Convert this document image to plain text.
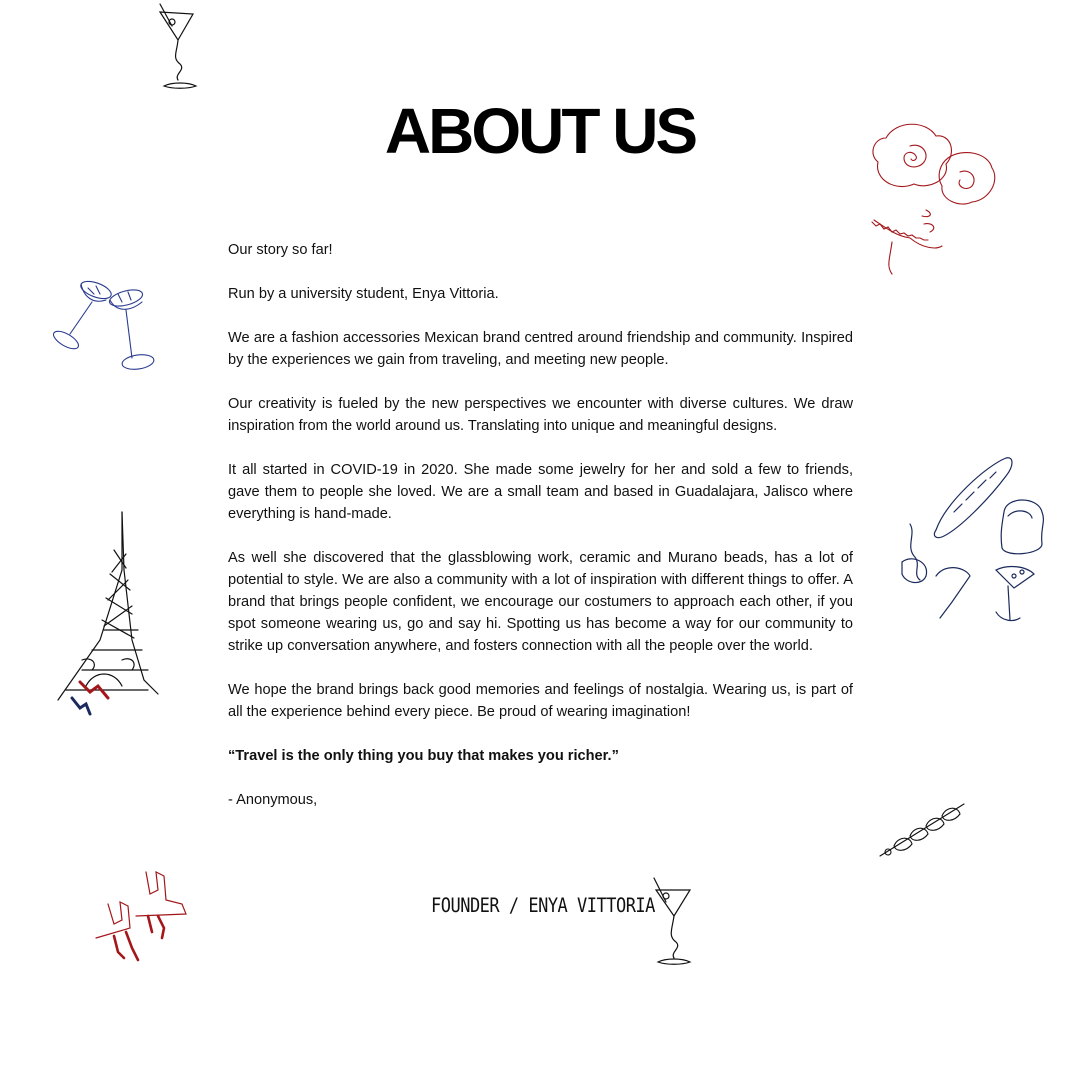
ABOUT US

Our story so far!

Run by a university student, Enya Vittoria.

We are a fashion accessories Mexican brand centred around friendship and community. Inspired by the experiences we gain from traveling, and meeting new people.

Our creativity is fueled by the new perspectives we encounter with diverse cultures. We draw inspiration from the world around us. Translating into unique and meaningful designs.

It all started in COVID-19 in 2020. She made some jewelry for her and sold a few to friends, gave them to people she loved. We are a small team and based in Guadalajara, Jalisco where everything is hand-made.

As well she discovered that the glassblowing work, ceramic and Murano beads, has a lot of potential to style. We are also a community with a lot of inspiration with different things to offer. A brand that brings people confident, we encourage our costumers to approach each other, if you spot someone wearing us, go and say hi. Spotting us has become a way for our community to strike up conversation anywhere, and fosters connection with all the people over the world.

We hope the brand brings back good memories and feelings of nostalgia. Wearing us, is part of all the experience behind every piece. Be proud of wearing imagination!

“Travel is the only thing you buy that makes you richer.”

- Anonymous,

FOUNDER / ENYA VITTORIA
